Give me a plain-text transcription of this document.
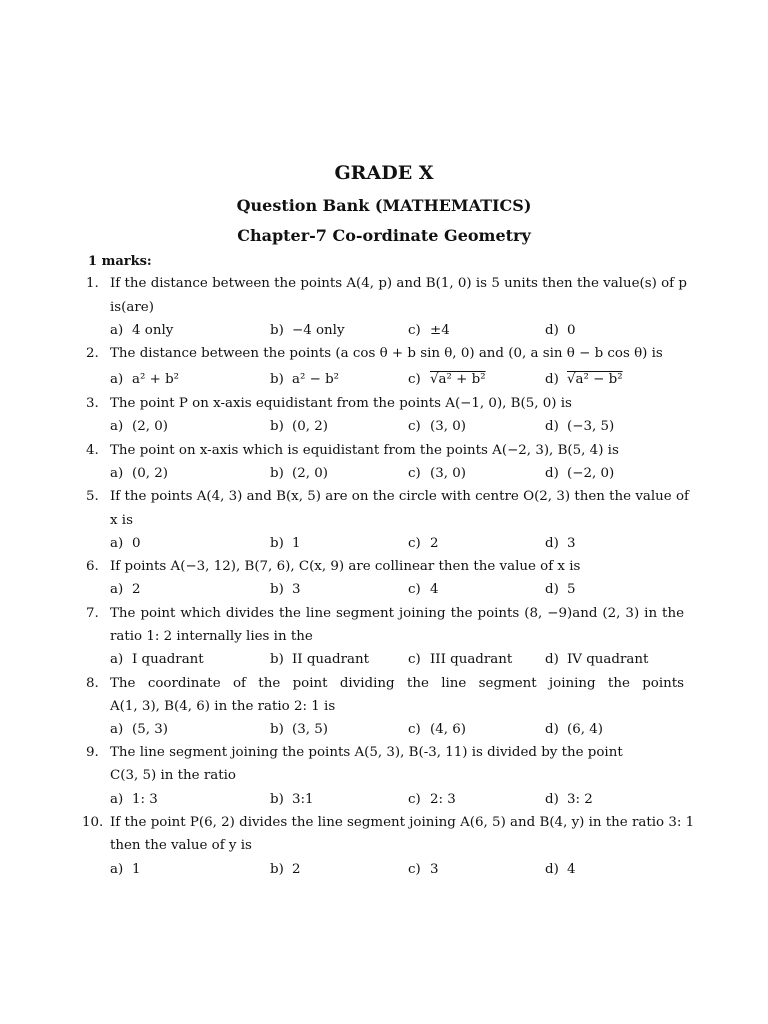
GRADE X
Question Bank (MATHEMATICS)
Chapter-7 Co-ordinate Geometry
1 marks:
1. If the distance between the points A(4, p) and B(1, 0) is 5 units then the value(s) of p
is(are)
a) 4 only	b) −4 only	c) ±4	d) 0
2. The distance between the points (a cos θ + b sin θ, 0) and (0, a sin θ − b cos θ) is
a) a² + b²	b) a² − b²	c) √a² + b²	d) √a² − b²
3. The point P on x-axis equidistant from the points A(−1, 0), B(5, 0) is
a) (2, 0)	b) (0, 2)	c) (3, 0)	d) (−3, 5)
4. The point on x-axis which is equidistant from the points A(−2, 3), B(5, 4) is
a) (0, 2)	b) (2, 0)	c) (3, 0)	d) (−2, 0)
5. If the points A(4, 3) and B(x, 5) are on the circle with centre O(2, 3) then the value of
x is
a) 0	b) 1	c) 2	d) 3
6. If points A(−3, 12), B(7, 6), C(x, 9) are collinear then the value of x is
a) 2	b) 3	c) 4	d) 5
7. The point which divides the line segment joining the points (8, −9)and (2, 3) in the
ratio 1: 2 internally lies in the
a) I quadrant	b) II quadrant	c) III quadrant d) IV quadrant
8. The coordinate of the point dividing the line segment joining the points
A(1, 3), B(4, 6) in the ratio 2: 1 is
a) (5, 3)	b) (3, 5)	c) (4, 6)	d) (6, 4)
9. The line segment joining the points A(5, 3), B(-3, 11) is divided by the point
C(3, 5) in the ratio
a) 1: 3	b) 3:1	c) 2: 3	d) 3: 2
10. If the point P(6, 2) divides the line segment joining A(6, 5) and B(4, y) in the ratio 3: 1
then the value of y is
a) 1	b) 2	c) 3	d) 4
